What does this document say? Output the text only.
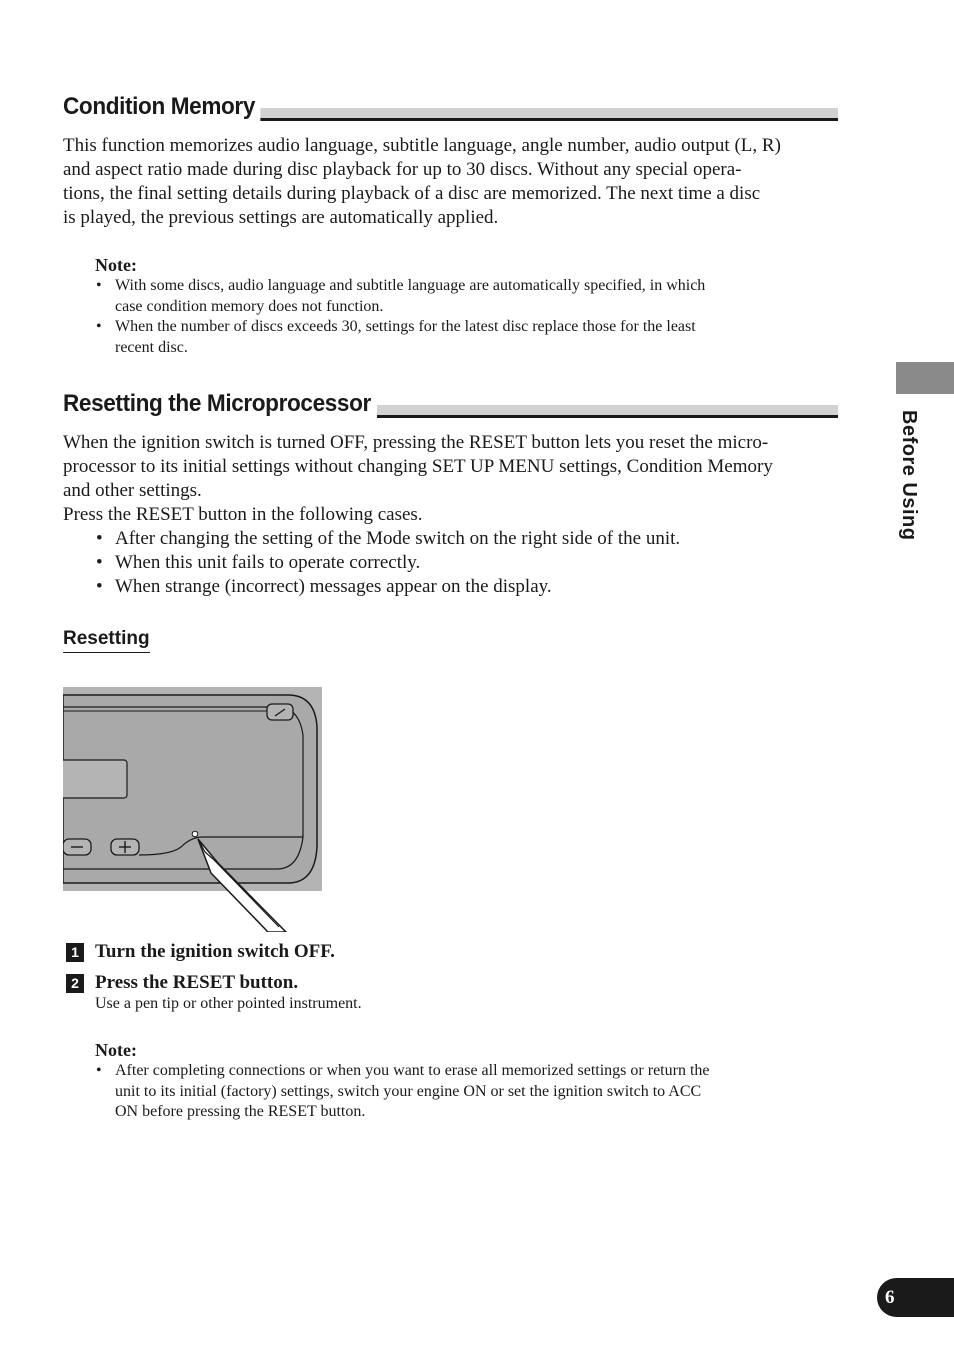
Condition Memory
This function memorizes audio language, subtitle language, angle number, audio output (L, R)
and aspect ratio made during disc playback for up to 30 discs. Without any special opera-
tions, the final setting details during playback of a disc are memorized. The next time a disc
is played, the previous settings are automatically applied.
Note:
• With some discs, audio language and subtitle language are automatically specified, in which
case condition memory does not function.
• When the number of discs exceeds 30, settings for the latest disc replace those for the least
recent disc.
Resetting the Microprocessor
When the ignition switch is turned OFF, pressing the RESET button lets you reset the micro-
processor to its initial settings without changing SET UP MENU settings, Condition Memory
and other settings.
Press the RESET button in the following cases.
• After changing the setting of the Mode switch on the right side of the unit.
• When this unit fails to operate correctly.
• When strange (incorrect) messages appear on the display.
Resetting
1 Turn the ignition switch OFF.
2 Press the RESET button.
Use a pen tip or other pointed instrument.
Note:
• After completing connections or when you want to erase all memorized settings or return the
unit to its initial (factory) settings, switch your engine ON or set the ignition switch to ACC
ON before pressing the RESET button.
Before Using
6
